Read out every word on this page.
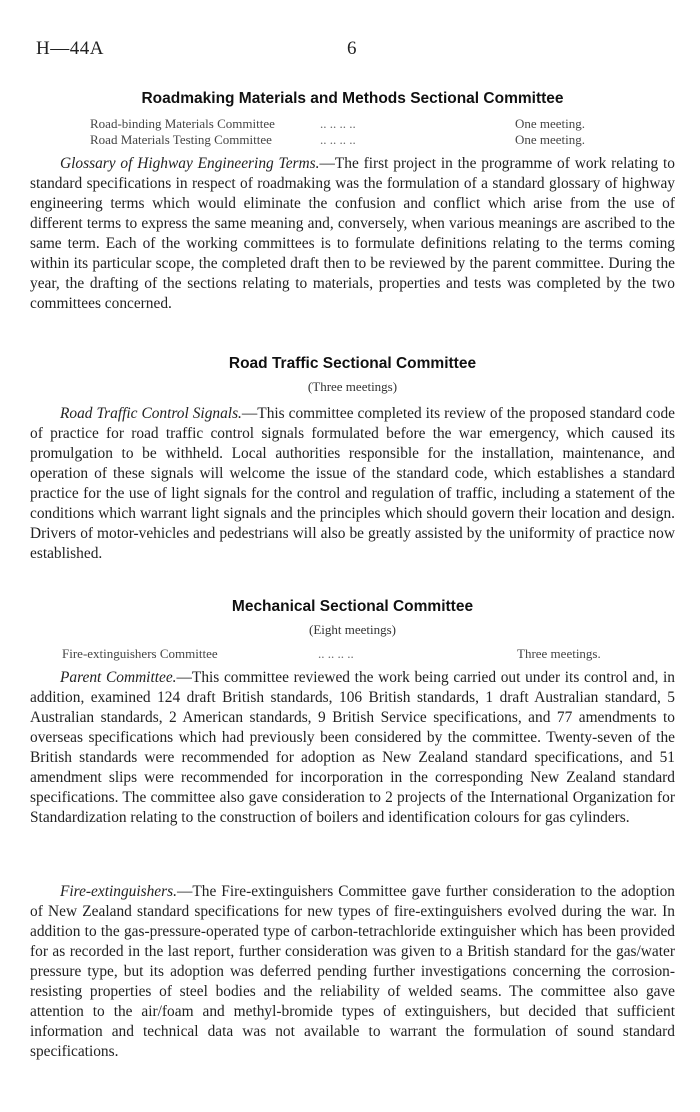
H—44A	6
Roadmaking Materials and Methods Sectional Committee
Road-binding Materials Committee	.. .. .. ..	One meeting.
Road Materials Testing Committee	.. .. .. ..	One meeting.

Glossary of Highway Engineering Terms.—The first project in the programme of work relating to standard specifications in respect of roadmaking was the formulation of a standard glossary of highway engineering terms which would eliminate the confusion and conflict which arise from the use of different terms to express the same meaning and, conversely, when various meanings are ascribed to the same term. Each of the working committees is to formulate definitions relating to the terms coming within its particular scope, the completed draft then to be reviewed by the parent committee. During the year, the drafting of the sections relating to materials, properties and tests was completed by the two committees concerned.

Road Traffic Sectional Committee
(Three meetings)

Road Traffic Control Signals.—This committee completed its review of the proposed standard code of practice for road traffic control signals formulated before the war emergency, which caused its promulgation to be withheld. Local authorities responsible for the installation, maintenance, and operation of these signals will welcome the issue of the standard code, which establishes a standard practice for the use of light signals for the control and regulation of traffic, including a statement of the conditions which warrant light signals and the principles which should govern their location and design. Drivers of motor-vehicles and pedestrians will also be greatly assisted by the uniformity of practice now established.

Mechanical Sectional Committee
(Eight meetings)
Fire-extinguishers Committee	.. .. .. ..	Three meetings.

Parent Committee.—This committee reviewed the work being carried out under its control and, in addition, examined 124 draft British standards, 106 British standards, 1 draft Australian standard, 5 Australian standards, 2 American standards, 9 British Service specifications, and 77 amendments to overseas specifications which had previously been considered by the committee. Twenty-seven of the British standards were recommended for adoption as New Zealand standard specifications, and 51 amendment slips were recommended for incorporation in the corresponding New Zealand standard specifications. The committee also gave consideration to 2 projects of the International Organization for Standardization relating to the construction of boilers and identification colours for gas cylinders.

Fire-extinguishers.—The Fire-extinguishers Committee gave further consideration to the adoption of New Zealand standard specifications for new types of fire-extinguishers evolved during the war. In addition to the gas-pressure-operated type of carbon-tetrachloride extinguisher which has been provided for as recorded in the last report, further consideration was given to a British standard for the gas/water pressure type, but its adoption was deferred pending further investigations concerning the corrosion-resisting properties of steel bodies and the reliability of welded seams. The committee also gave attention to the air/foam and methyl-bromide types of extinguishers, but decided that sufficient information and technical data was not available to warrant the formulation of sound standard specifications.
